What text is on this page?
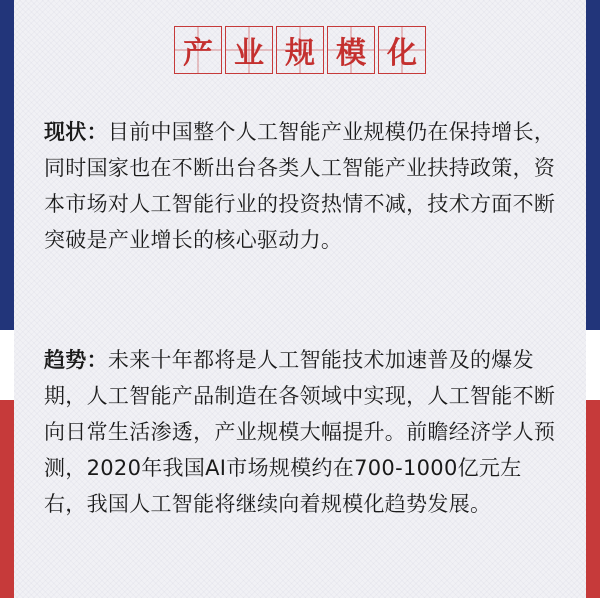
产 业 规 模 化

现状：目前中国整个人工智能产业规模仍在保持增长，同时国家也在不断出台各类人工智能产业扶持政策，资本市场对人工智能行业的投资热情不减，技术方面不断突破是产业增长的核心驱动力。

趋势：未来十年都将是人工智能技术加速普及的爆发期，人工智能产品制造在各领域中实现，人工智能不断向日常生活渗透，产业规模大幅提升。前瞻经济学人预测，2020年我国AI市场规模约在700-1000亿元左右，我国人工智能将继续向着规模化趋势发展。
